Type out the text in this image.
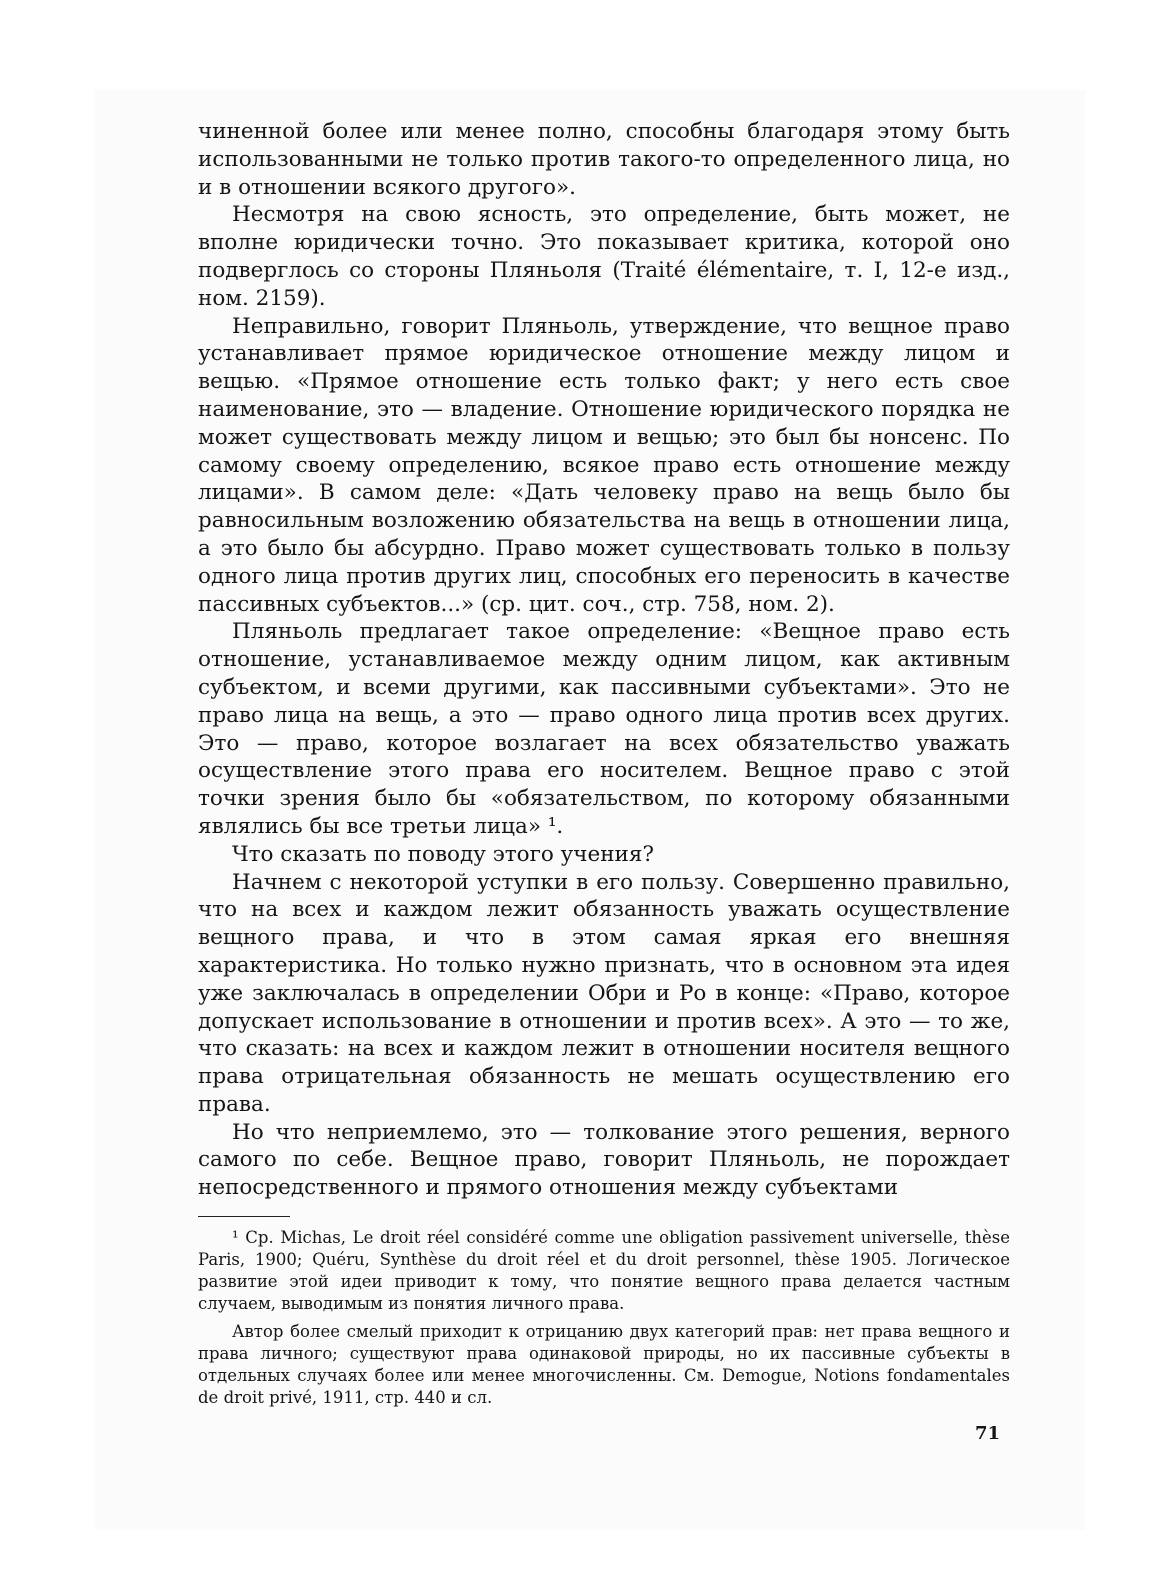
чиненной более или менее полно, способны благодаря этому быть использованными не только против такого-то определенного лица, но и в отношении всякого другого».

Несмотря на свою ясность, это определение, быть может, не вполне юридически точно. Это показывает критика, которой оно подверглось со стороны Пляньоля (Traité élémentaire, т. I, 12-е изд., ном. 2159).

Неправильно, говорит Пляньоль, утверждение, что вещное право устанавливает прямое юридическое отношение между лицом и вещью. «Прямое отношение есть только факт; у него есть свое наименование, это — владение. Отношение юридического порядка не может существовать между лицом и вещью; это был бы нонсенс. По самому своему определению, всякое право есть отношение между лицами». В самом деле: «Дать человеку право на вещь было бы равносильным возложению обязательства на вещь в отношении лица, а это было бы абсурдно. Право может существовать только в пользу одного лица против других лиц, способных его переносить в качестве пассивных субъектов...» (ср. цит. соч., стр. 758, ном. 2).

Пляньоль предлагает такое определение: «Вещное право есть отношение, устанавливаемое между одним лицом, как активным субъектом, и всеми другими, как пассивными субъектами». Это не право лица на вещь, а это — право одного лица против всех других. Это — право, которое возлагает на всех обязательство уважать осуществление этого права его носителем. Вещное право с этой точки зрения было бы «обязательством, по которому обязанными являлись бы все третьи лица» ¹.

Что сказать по поводу этого учения?

Начнем с некоторой уступки в его пользу. Совершенно правильно, что на всех и каждом лежит обязанность уважать осуществление вещного права, и что в этом самая яркая его внешняя характеристика. Но только нужно признать, что в основном эта идея уже заключалась в определении Обри и Ро в конце: «Право, которое допускает использование в отношении и против всех». А это — то же, что сказать: на всех и каждом лежит в отношении носителя вещного права отрицательная обязанность не мешать осуществлению его права.

Но что неприемлемо, это — толкование этого решения, верного самого по себе. Вещное право, говорит Пляньоль, не порождает непосредственного и прямого отношения между субъектами

¹ Ср. Michas, Le droit réel considéré comme une obligation passivement universelle, thèse Paris, 1900; Quéru, Synthèse du droit réel et du droit personnel, thèse 1905. Логическое развитие этой идеи приводит к тому, что понятие вещного права делается частным случаем, выводимым из понятия личного права.

Автор более смелый приходит к отрицанию двух категорий прав: нет права вещного и права личного; существуют права одинаковой природы, но их пассивные субъекты в отдельных случаях более или менее многочисленны. См. Demogue, Notions fondamentales de droit privé, 1911, стр. 440 и сл.

71
